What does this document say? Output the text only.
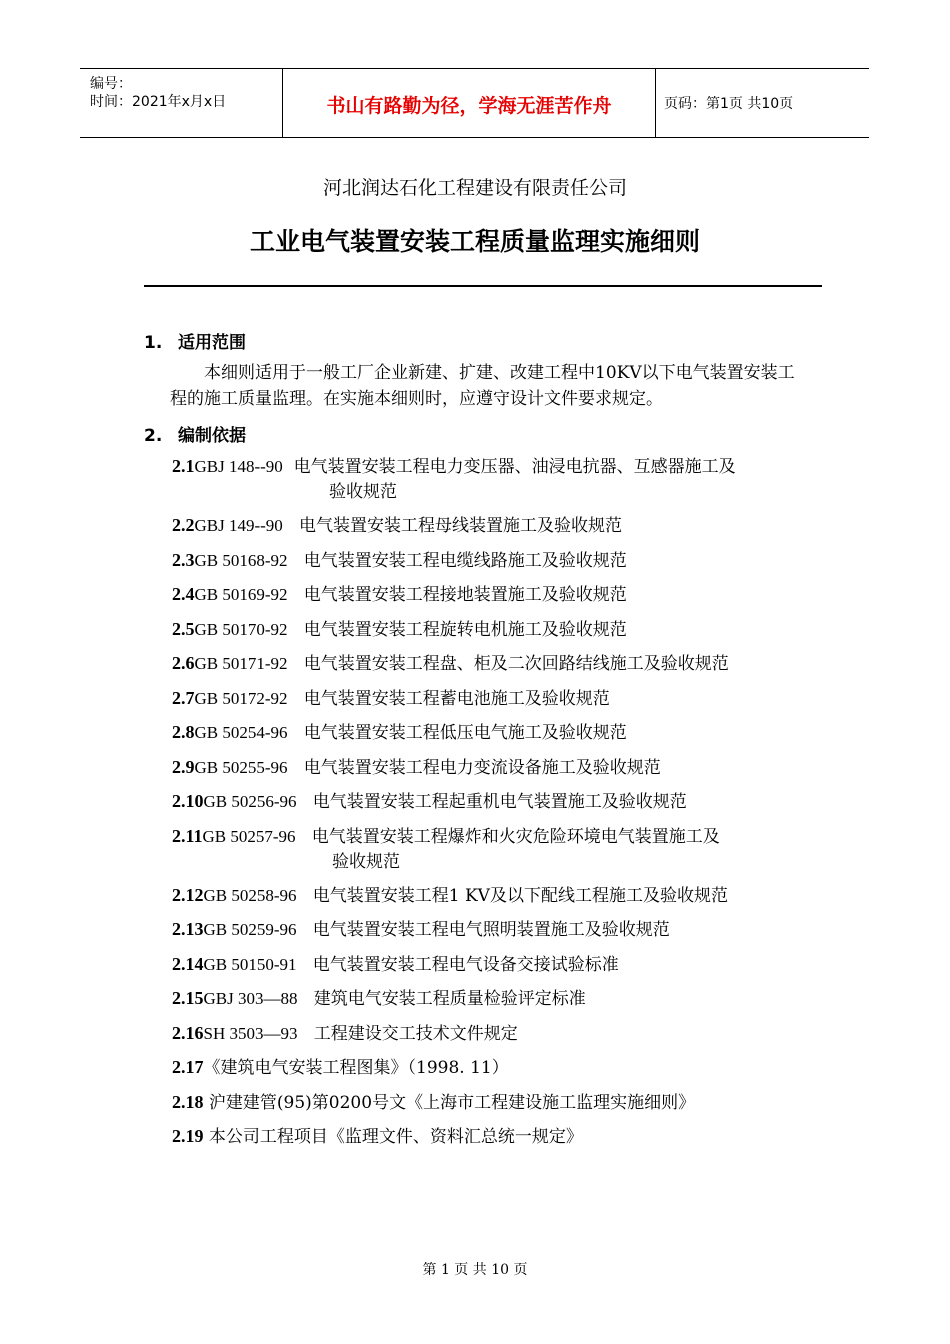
编号：
时间：2021年x月x日	书山有路勤为径，学海无涯苦作舟	页码：第1页 共10页
河北润达石化工程建设有限责任公司
工业电气装置安装工程质量监理实施细则
1. 适用范围
本细则适用于一般工厂企业新建、扩建、改建工程中10KV以下电气装置安装工程的施工质量监理。在实施本细则时，应遵守设计文件要求规定。
2. 编制依据
2.1GBJ 148--90 电气装置安装工程电力变压器、油浸电抗器、互感器施工及
验收规范
2.2GBJ 149--90 电气装置安装工程母线装置施工及验收规范
2.3GB 50168-92 电气装置安装工程电缆线路施工及验收规范
2.4GB 50169-92 电气装置安装工程接地装置施工及验收规范
2.5GB 50170-92 电气装置安装工程旋转电机施工及验收规范
2.6GB 50171-92 电气装置安装工程盘、柜及二次回路结线施工及验收规范
2.7GB 50172-92 电气装置安装工程蓄电池施工及验收规范
2.8GB 50254-96 电气装置安装工程低压电气施工及验收规范
2.9GB 50255-96 电气装置安装工程电力变流设备施工及验收规范
2.10GB 50256-96 电气装置安装工程起重机电气装置施工及验收规范
2.11GB 50257-96 电气装置安装工程爆炸和火灾危险环境电气装置施工及
验收规范
2.12GB 50258-96 电气装置安装工程1 KV及以下配线工程施工及验收规范
2.13GB 50259-96 电气装置安装工程电气照明装置施工及验收规范
2.14GB 50150-91 电气装置安装工程电气设备交接试验标准
2.15GBJ 303—88 建筑电气安装工程质量检验评定标准
2.16SH 3503—93 工程建设交工技术文件规定
2.17《建筑电气安装工程图集》（1998. 11）
2.18 沪建建管(95)第0200号文《上海市工程建设施工监理实施细则》
2.19 本公司工程项目《监理文件、资料汇总统一规定》
第 1 页 共 10 页
